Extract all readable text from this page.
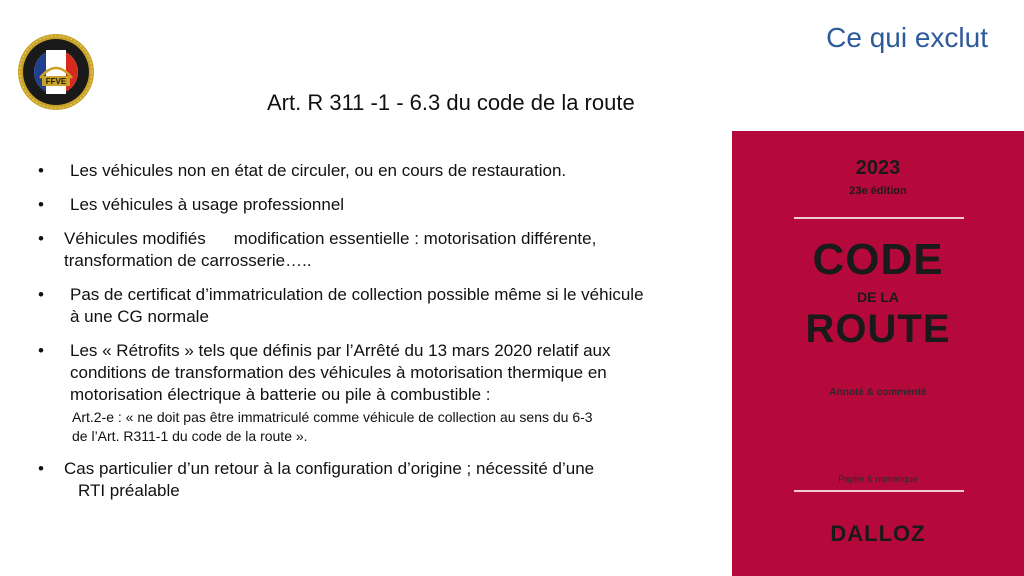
FFVE
Ce qui exclut
Art. R 311 -1 - 6.3 du code de la route
•	Les véhicules non en état de circuler, ou en cours de restauration.
•	Les véhicules à usage professionnel
•	Véhicules modifiés modification essentielle : motorisation différente,
transformation de carrosserie…..
•	Pas de certificat d’immatriculation de collection possible même si le véhicule
à une CG normale
•	Les « Rétrofits » tels que définis par l’Arrêté du 13 mars 2020 relatif aux
conditions de transformation des véhicules à motorisation thermique en
motorisation électrique à batterie ou pile à combustible :
Art.2-e : « ne doit pas être immatriculé comme véhicule de collection au sens du 6-3
de l’Art. R311-1 du code de la route ».
•	Cas particulier d’un retour à la configuration d’origine ; nécessité d’une
RTI préalable
2023
23e édition
CODE
DE LA
ROUTE
Annoté & commenté
Papier & numérique
DALLOZ
